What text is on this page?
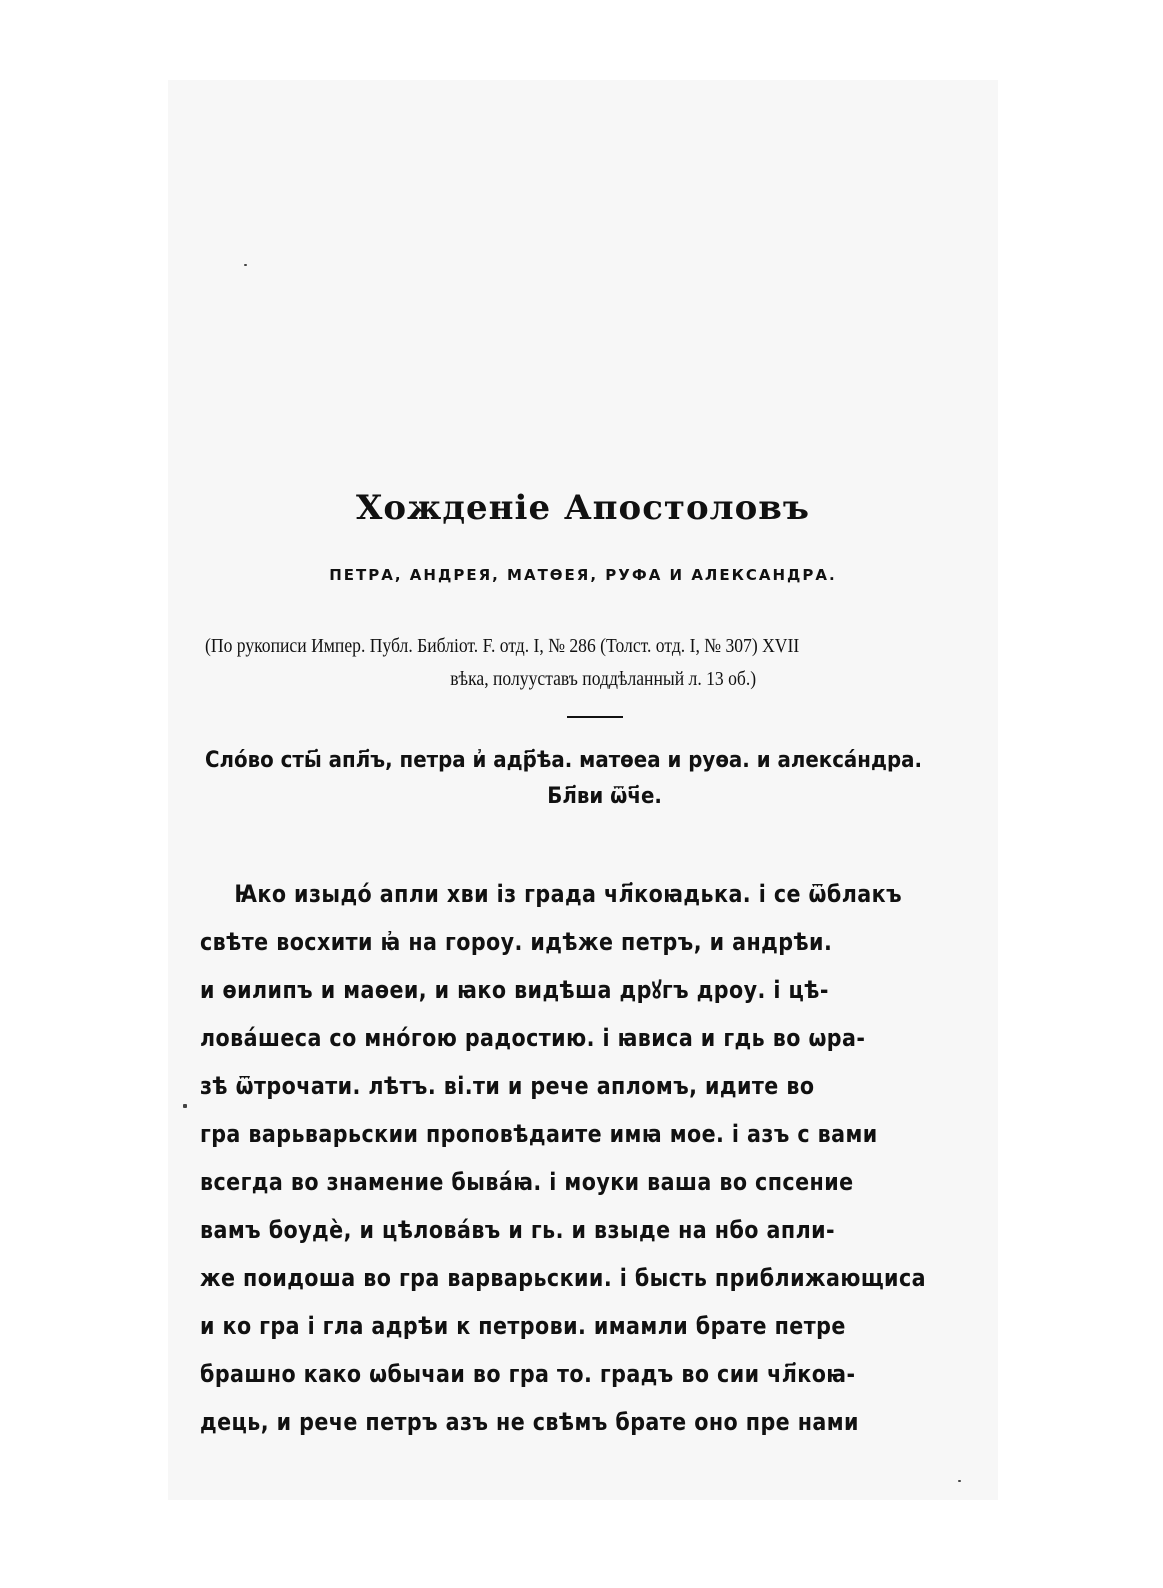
Хожденіе Апостоловъ
ПЕТРА, АНДРЕЯ, МАТѲЕЯ, РУФА И АЛЕКСАНДРА.
(По рукописи Импер. Публ. Библіот. F. отд. I, № 286 (Толст. отд. I, № 307) XVII
вѣка, полууставъ поддѣланный л. 13 об.)
Сло́во сты҃ апл҃ъ, петра и҆ адр҃ѣа. матѳеа и руѳа. и алекса́ндра.
Бл҃ви ѿч҃е.
Ꙗко изыдо́ апли хви із града чл҃коꙗдька. і се ѿблакъ
свѣте восхити ꙗ҆ на гороу. идѣже петръ, и андрѣи.
и ѳилипъ и маѳеи, и ꙗко видѣша дрꙋгъ дроу. і цѣ-
лова́шеса со мно́гою радостию. і ꙗвиса и гдь во ѡра-
зѣ ѿтрочати. лѣтъ. ві.ти и рече апломъ, идите во
гра варьварьскии проповѣдаите имꙗ мое. і азъ с вами
всегда во знамение быва́ꙗ. і моуки ваша во спсение
вамъ боудѐ, и цѣлова́въ и гь. и взыде на нбо апли-
же поидоша во гра варварьскии. і бысть приближающиса
и ко гра і гла адрѣи к петрови. имамли брате петре
брашно како ѡбычаи во гра то. градъ во сии чл҃коꙗ-
дець, и рече петръ азъ не свѣмъ брате оно пре нами
